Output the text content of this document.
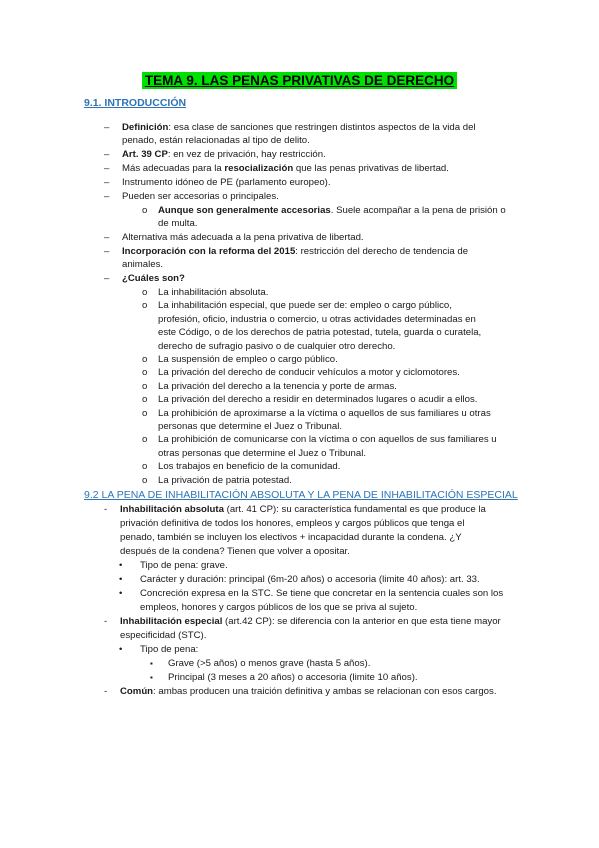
TEMA 9. LAS PENAS PRIVATIVAS DE DERECHO
9.1. INTRODUCCIÓN
– Definición: esa clase de sanciones que restringen distintos aspectos de la vida del
penado, están relacionadas al tipo de delito.
– Art. 39 CP: en vez de privación, hay restricción.
– Más adecuadas para la resocialización que las penas privativas de libertad.
– Instrumento idóneo de PE (parlamento europeo).
– Pueden ser accesorias o principales.
o Aunque son generalmente accesorias. Suele acompañar a la pena de prisión o
de multa.
– Alternativa más adecuada a la pena privativa de libertad.
– Incorporación con la reforma del 2015: restricción del derecho de tendencia de
animales.
– ¿Cuáles son?
o La inhabilitación absoluta.
o La inhabilitación especial, que puede ser de: empleo o cargo público,
profesión, oficio, industria o comercio, u otras actividades determinadas en
este Código, o de los derechos de patria potestad, tutela, guarda o curatela,
derecho de sufragio pasivo o de cualquier otro derecho.
o La suspensión de empleo o cargo público.
o La privación del derecho de conducir vehículos a motor y ciclomotores.
o La privación del derecho a la tenencia y porte de armas.
o La privación del derecho a residir en determinados lugares o acudir a ellos.
o La prohibición de aproximarse a la víctima o aquellos de sus familiares u otras
personas que determine el Juez o Tribunal.
o La prohibición de comunicarse con la víctima o con aquellos de sus familiares u
otras personas que determine el Juez o Tribunal.
o Los trabajos en beneficio de la comunidad.
o La privación de patria potestad.
9.2 LA PENA DE INHABILITACIÓN ABSOLUTA Y LA PENA DE INHABILITACIÓN ESPECIAL
- Inhabilitación absoluta (art. 41 CP): su característica fundamental es que produce la
privación definitiva de todos los honores, empleos y cargos públicos que tenga el
penado, también se incluyen los electivos + incapacidad durante la condena. ¿Y
después de la condena? Tienen que volver a opositar.
• Tipo de pena: grave.
• Carácter y duración: principal (6m-20 años) o accesoria (limite 40 años): art. 33.
• Concreción expresa en la STC. Se tiene que concretar en la sentencia cuales son los
empleos, honores y cargos públicos de los que se priva al sujeto.
- Inhabilitación especial (art.42 CP): se diferencia con la anterior en que esta tiene mayor
especificidad (STC).
• Tipo de pena:
▪ Grave (>5 años) o menos grave (hasta 5 años).
▪ Principal (3 meses a 20 años) o accesoria (limite 10 años).
- Común: ambas producen una traición definitiva y ambas se relacionan con esos cargos.
